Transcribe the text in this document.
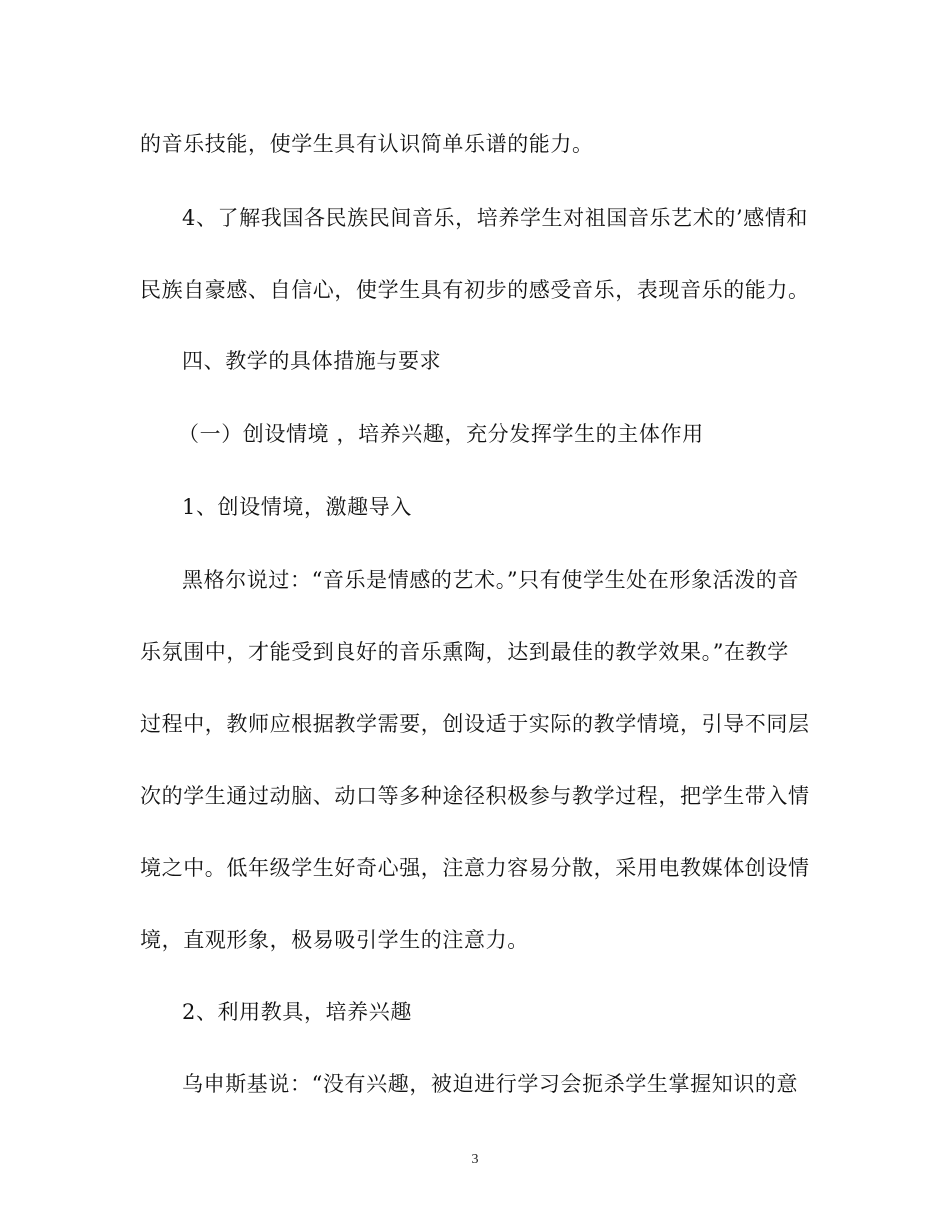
的音乐技能，使学生具有认识简单乐谱的能力。
4、了解我国各民族民间音乐，培养学生对祖国音乐艺术的’感情和
民族自豪感、自信心，使学生具有初步的感受音乐，表现音乐的能力。
四、教学的具体措施与要求
（一）创设情境 ，培养兴趣，充分发挥学生的主体作用
1、创设情境，激趣导入
黑格尔说过：“音乐是情感的艺术。”只有使学生处在形象活泼的音
乐氛围中，才能受到良好的音乐熏陶，达到最佳的教学效果。”在教学
过程中，教师应根据教学需要，创设适于实际的教学情境，引导不同层
次的学生通过动脑、动口等多种途径积极参与教学过程，把学生带入情
境之中。低年级学生好奇心强，注意力容易分散，采用电教媒体创设情
境，直观形象，极易吸引学生的注意力。
2、利用教具，培养兴趣
乌申斯基说：“没有兴趣，被迫进行学习会扼杀学生掌握知识的意
3
